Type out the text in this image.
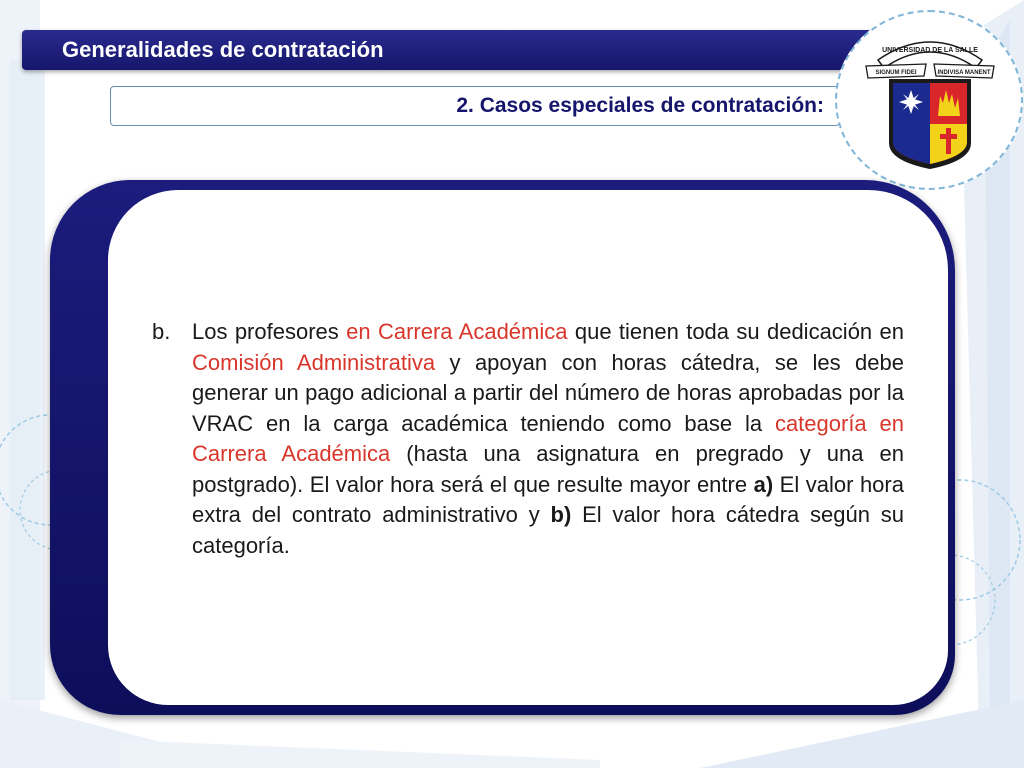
Generalidades de contratación
2. Casos especiales de contratación:
UNIVERSIDAD DE LA SALLE
SIGNUM FIDEI	INDIVISA MANENT
b. Los profesores en Carrera Académica que tienen toda su dedicación en Comisión Administrativa y apoyan con horas cátedra, se les debe generar un pago adicional a partir del número de horas aprobadas por la VRAC en la carga académica teniendo como base la categoría en Carrera Académica (hasta una asignatura en pregrado y una en postgrado). El valor hora será el que resulte mayor entre a) El valor hora extra del contrato administrativo y b) El valor hora cátedra según su categoría.
